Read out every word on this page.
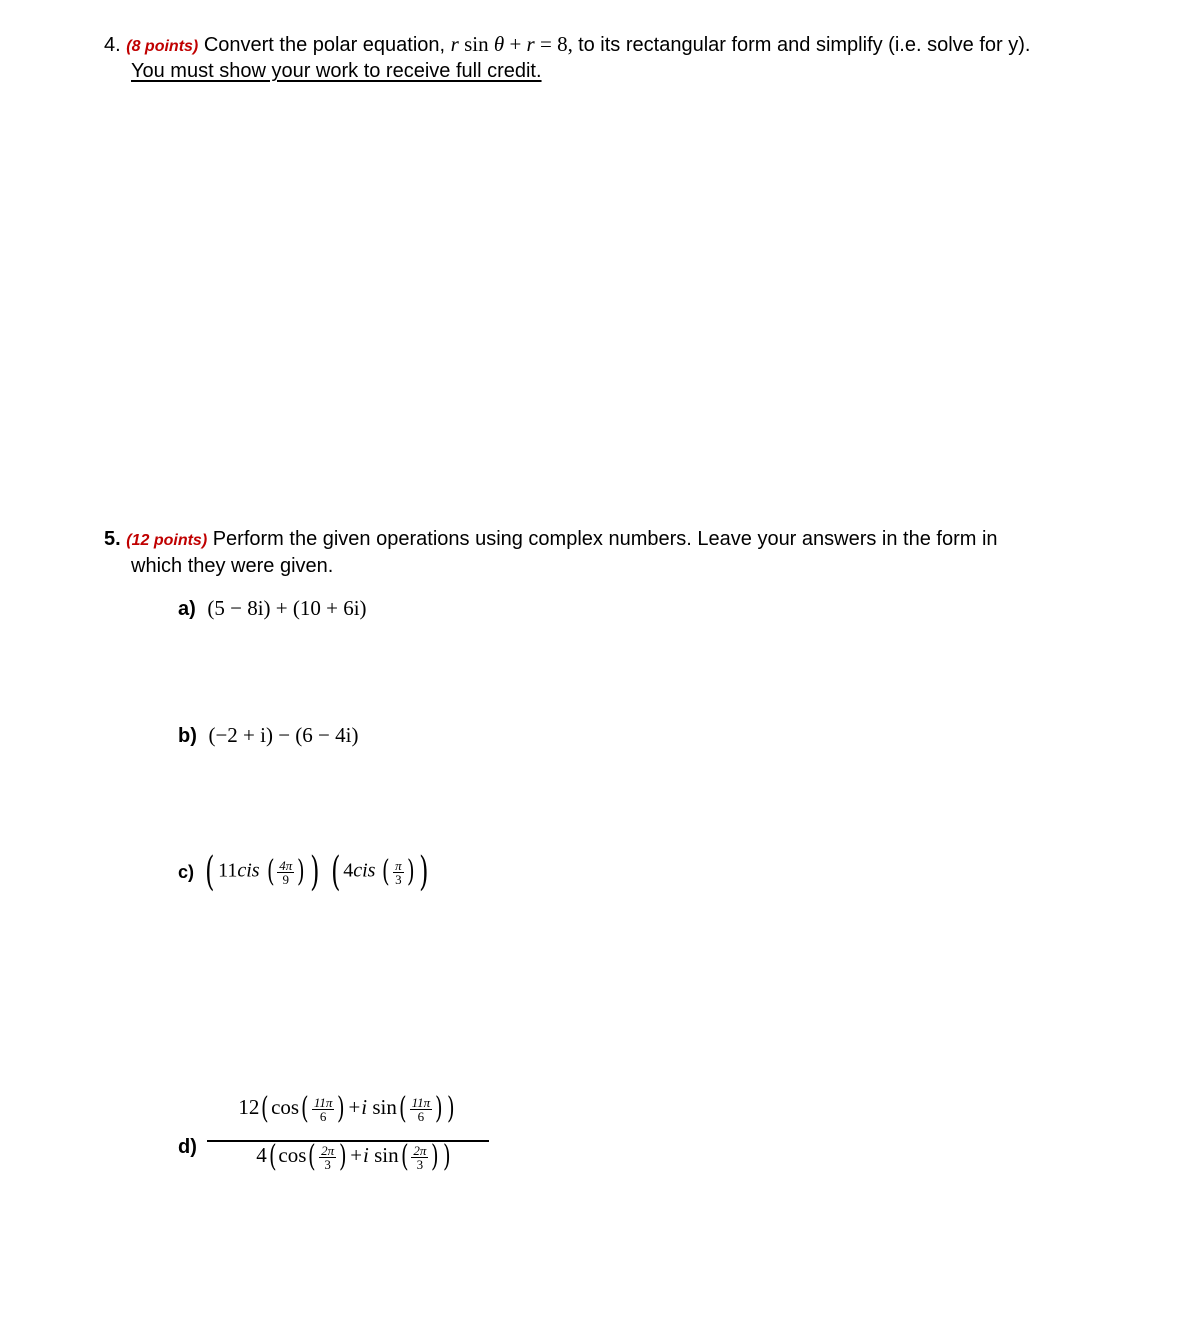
4. (8 points) Convert the polar equation, r sin θ + r = 8, to its rectangular form and simplify (i.e. solve for y).
You must show your work to receive full credit.
5. (12 points) Perform the given operations using complex numbers. Leave your answers in the form in
which they were given.
a) (5 − 8i) + (10 + 6i)
b) (−2 + i) − (6 − 4i)
c) ( 11cis ( $\frac{4\pi}{9}$ ) ) ( 4cis ( $\frac{\pi}{3}$ ) )
d)
$12(\cos( \frac{11\pi}{6} )+i$ $\sin( \frac{11\pi}{6}$ ) )
$4(\cos( \frac{2\pi}{3} )+i$ $\sin( \frac{2\pi}{3}$ ) )
